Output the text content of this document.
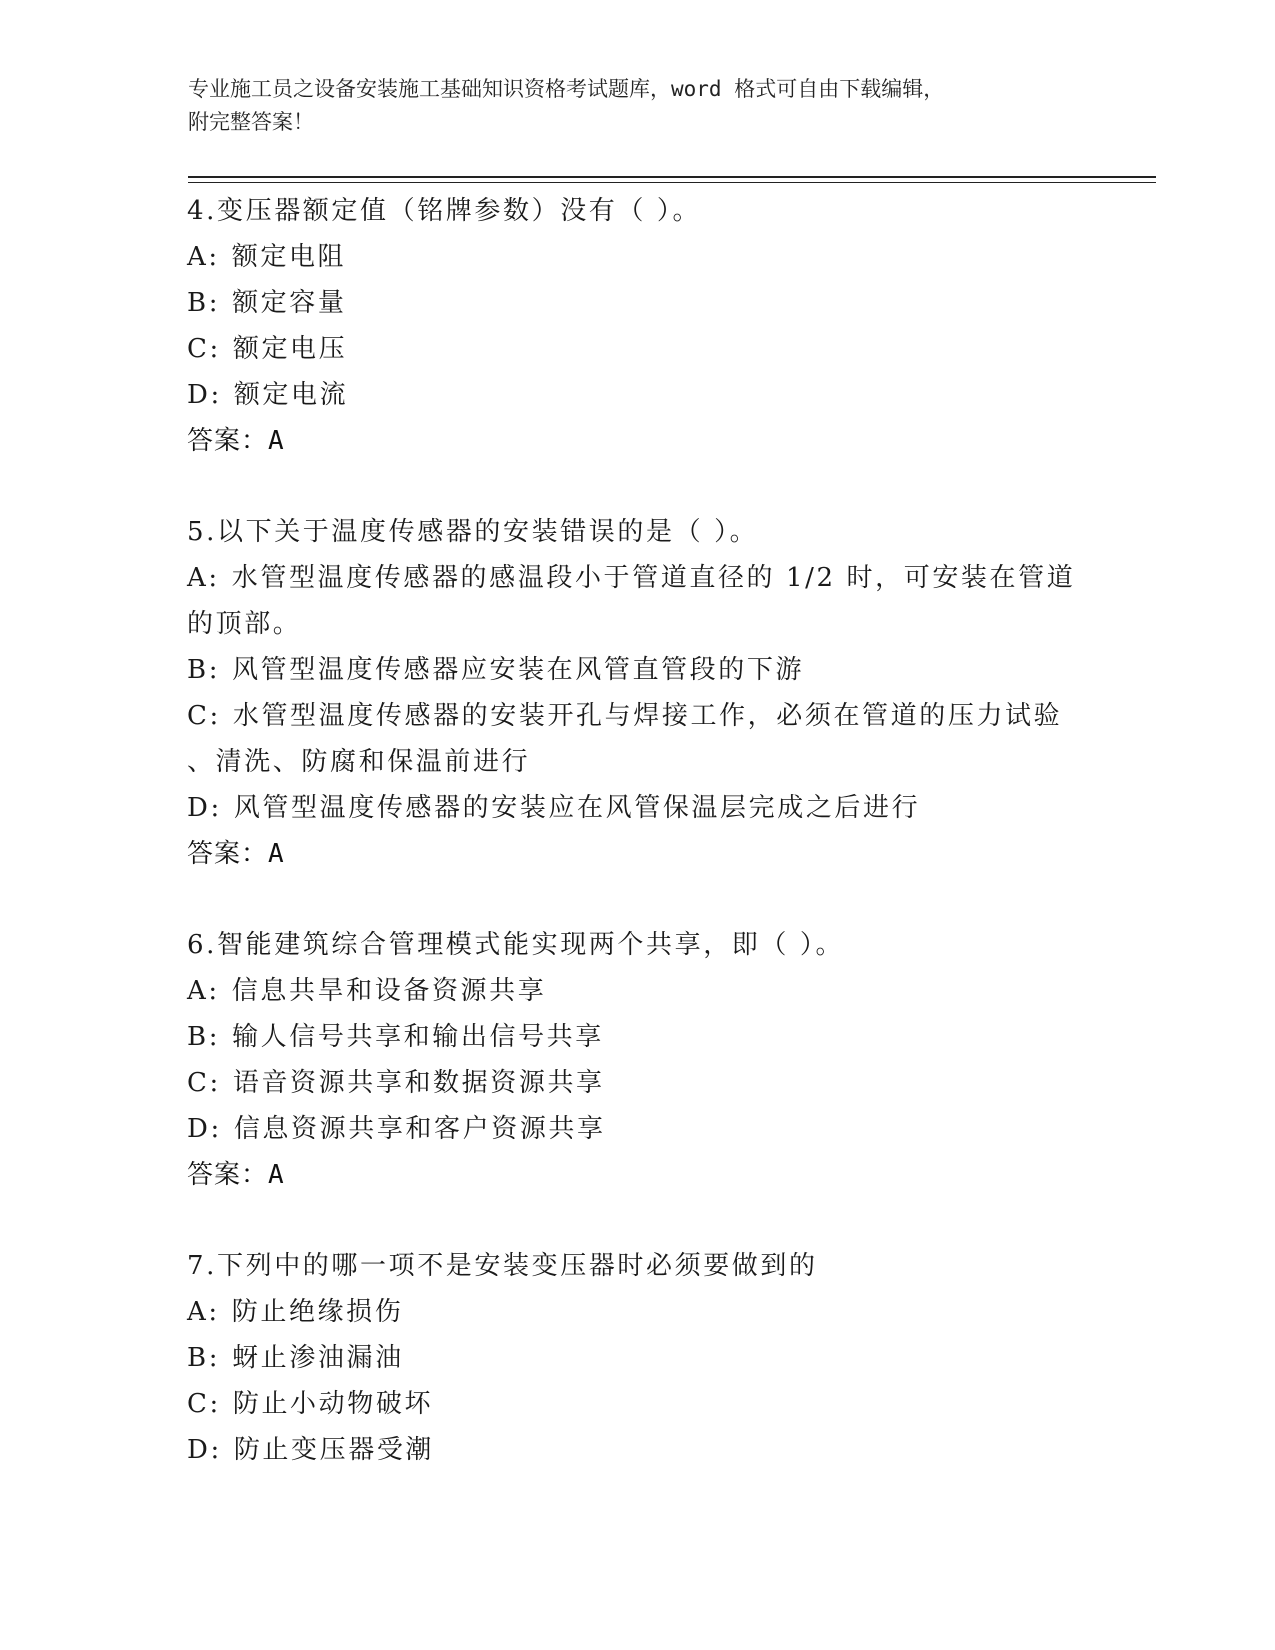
专业施工员之设备安装施工基础知识资格考试题库，word 格式可自由下载编辑，
附完整答案！
4.变压器额定值（铭牌参数）没有（ ）。
A: 额定电阻
B: 额定容量
C: 额定电压
D: 额定电流
答案：A
5.以下关于温度传感器的安装错误的是（ ）。
A: 水管型温度传感器的感温段小于管道直径的 1/2 时，可安装在管道
的顶部。
B: 风管型温度传感器应安装在风管直管段的下游
C: 水管型温度传感器的安装开孔与焊接工作，必须在管道的压力试验
、清洗、防腐和保温前进行
D: 风管型温度传感器的安装应在风管保温层完成之后进行
答案：A
6.智能建筑综合管理模式能实现两个共享，即（ ）。
A: 信息共旱和设备资源共享
B: 输人信号共享和输出信号共享
C: 语音资源共享和数据资源共享
D: 信息资源共享和客户资源共享
答案：A
7.下列中的哪一项不是安装变压器时必须要做到的
A: 防止绝缘损伤
B: 蚜止渗油漏油
C: 防止小动物破坏
D: 防止变压器受潮
